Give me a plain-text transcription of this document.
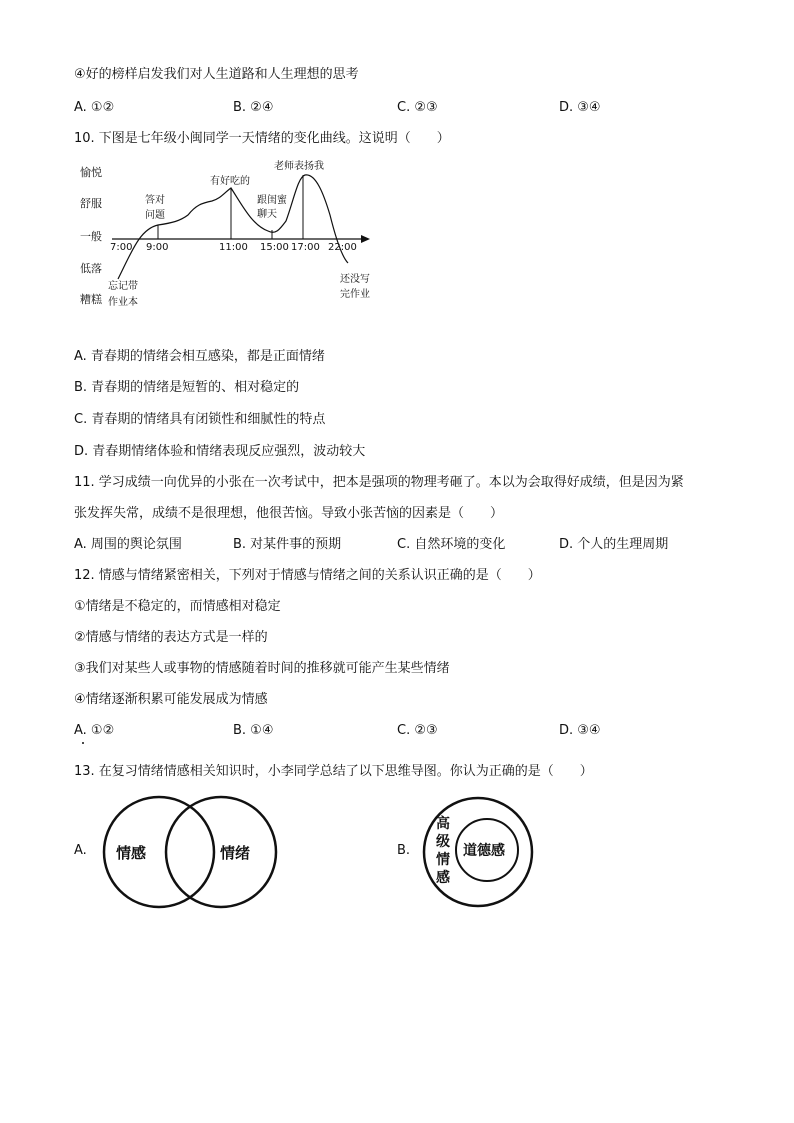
④好的榜样启发我们对人生道路和人生理想的思考
A. ①②	B. ②④	C. ②③	D. ③④
10. 下图是七年级小闽同学一天情绪的变化曲线。这说明（　　）
愉悦
舒服
一般
低落
糟糕
7:00 9:00	11:00 15:00 17:00 22:00
忘记带
作业本
答对
问题
有好吃的
跟闺蜜
聊天
老师表扬我
还没写
完作业
A. 青春期的情绪会相互感染，都是正面情绪
B. 青春期的情绪是短暂的、相对稳定的
C. 青春期的情绪具有闭锁性和细腻性的特点
D. 青春期情绪体验和情绪表现反应强烈，波动较大
11. 学习成绩一向优异的小张在一次考试中，把本是强项的物理考砸了。本以为会取得好成绩，但是因为紧
张发挥失常，成绩不是很理想，他很苦恼。导致小张苦恼的因素是（　　）
A. 周围的舆论氛围	B. 对某件事的预期	C. 自然环境的变化	D. 个人的生理周期
12. 情感与情绪紧密相关，下列对于情感与情绪之间的关系认识正确的是（　　）
①情绪是不稳定的，而情感相对稳定
②情感与情绪的表达方式是一样的
③我们对某些人或事物的情感随着时间的推移就可能产生某些情绪
④情绪逐渐积累可能发展成为情感
A. ①②	B. ①④	C. ②③	D. ③④
13. 在复习情绪情感相关知识时，小李同学总结了以下思维导图。你认为正确的是（　　）
A. 情感	情绪	B.
高
级
情
感
道德感
